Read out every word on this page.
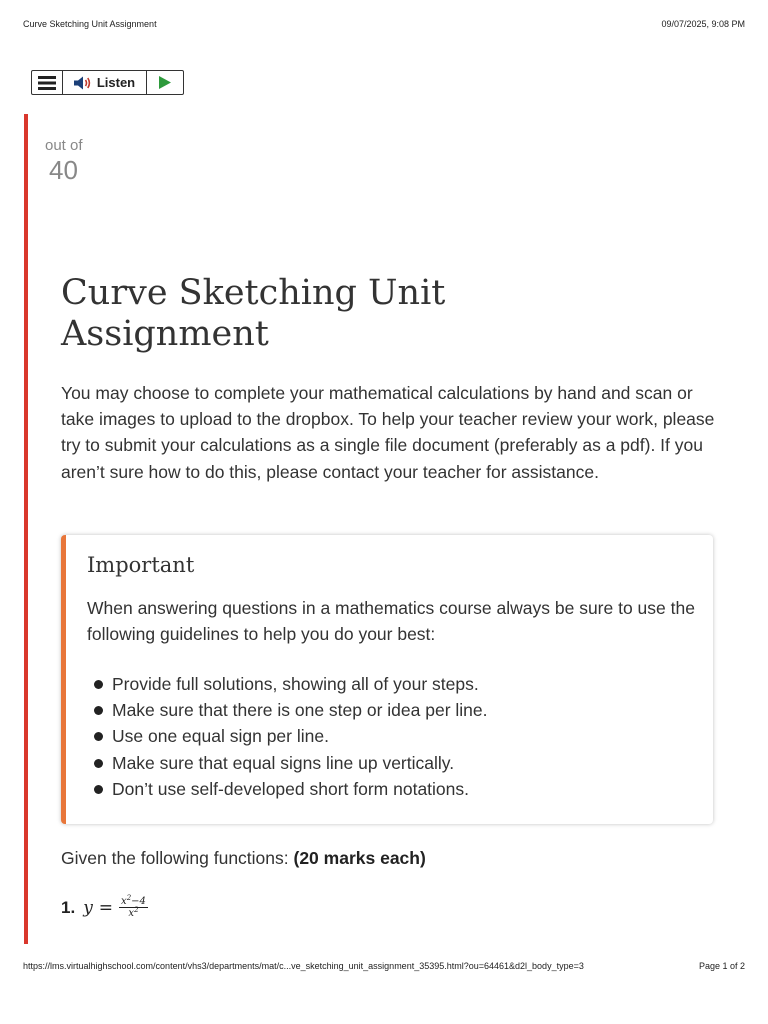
Curve Sketching Unit Assignment	09/07/2025, 9:08 PM
Listen
out of
40
Curve Sketching Unit Assignment

You may choose to complete your mathematical calculations by hand and scan or take images to upload to the dropbox. To help your teacher review your work, please try to submit your calculations as a single file document (preferably as a pdf). If you aren’t sure how to do this, please contact your teacher for assistance.

Important

When answering questions in a mathematics course always be sure to use the following guidelines to help you do your best:

Provide full solutions, showing all of your steps.
Make sure that there is one step or idea per line.
Use one equal sign per line.
Make sure that equal signs line up vertically.
Don’t use self-developed short form notations.

Given the following functions: (20 marks each)

1. $y = \frac{x^2-4}{x^2}$
https://lms.virtualhighschool.com/content/vhs3/departments/mat/c...ve_sketching_unit_assignment_35395.html?ou=64461&d2l_body_type=3	Page 1 of 2
